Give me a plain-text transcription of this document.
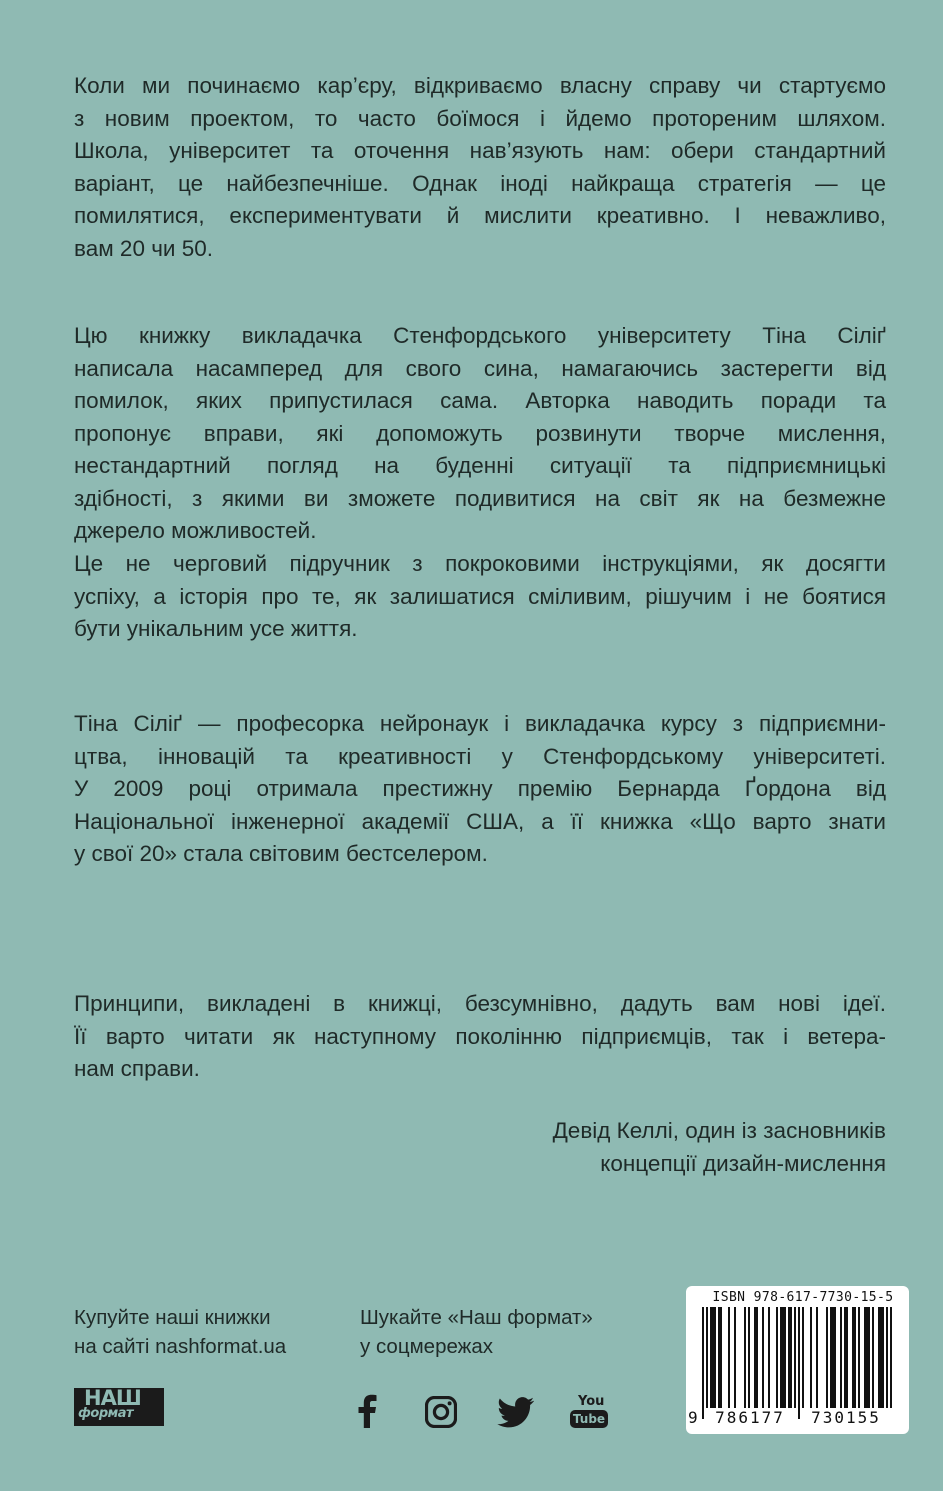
Коли ми починаємо кар’єру, відкриваємо власну справу чи стартуємо
з новим проектом, то часто боїмося і йдемо протореним шляхом.
Школа, університет та оточення нав’язують нам: обери стандартний
варіант, це найбезпечніше. Однак іноді найкраща стратегія — це
помилятися, експериментувати й мислити креативно. І неважливо,
вам 20 чи 50.

Цю книжку викладачка Стенфордського університету Тіна Сіліґ
написала насамперед для свого сина, намагаючись застерегти від
помилок, яких припустилася сама. Авторка наводить поради та
пропонує вправи, які допоможуть розвинути творче мислення,
нестандартний погляд на буденні ситуації та підприємницькі
здібності, з якими ви зможете подивитися на світ як на безмежне
джерело можливостей.

Це не черговий підручник з покроковими інструкціями, як досягти
успіху, а історія про те, як залишатися сміливим, рішучим і не боятися
бути унікальним усе життя.

Тіна Сіліґ — професорка нейронаук і викладачка курсу з підприємни-
цтва, інновацій та креативності у Стенфордському університеті.
У 2009 році отримала престижну премію Бернарда Ґордона від
Національної інженерної академії США, а її книжка «Що варто знати
у свої 20» стала світовим бестселером.

Принципи, викладені в книжці, безсумнівно, дадуть вам нові ідеї.
Її варто читати як наступному поколінню підприємців, так і ветера-
нам справи.

Девід Келлі, один із засновників
концепції дизайн-мислення

Купуйте наші книжки
на сайті nashformat.ua

Шукайте «Наш формат»
у соцмережах

НАШ
формат
You
Tube
ISBN 978-617-7730-15-5
9	786177	730155
